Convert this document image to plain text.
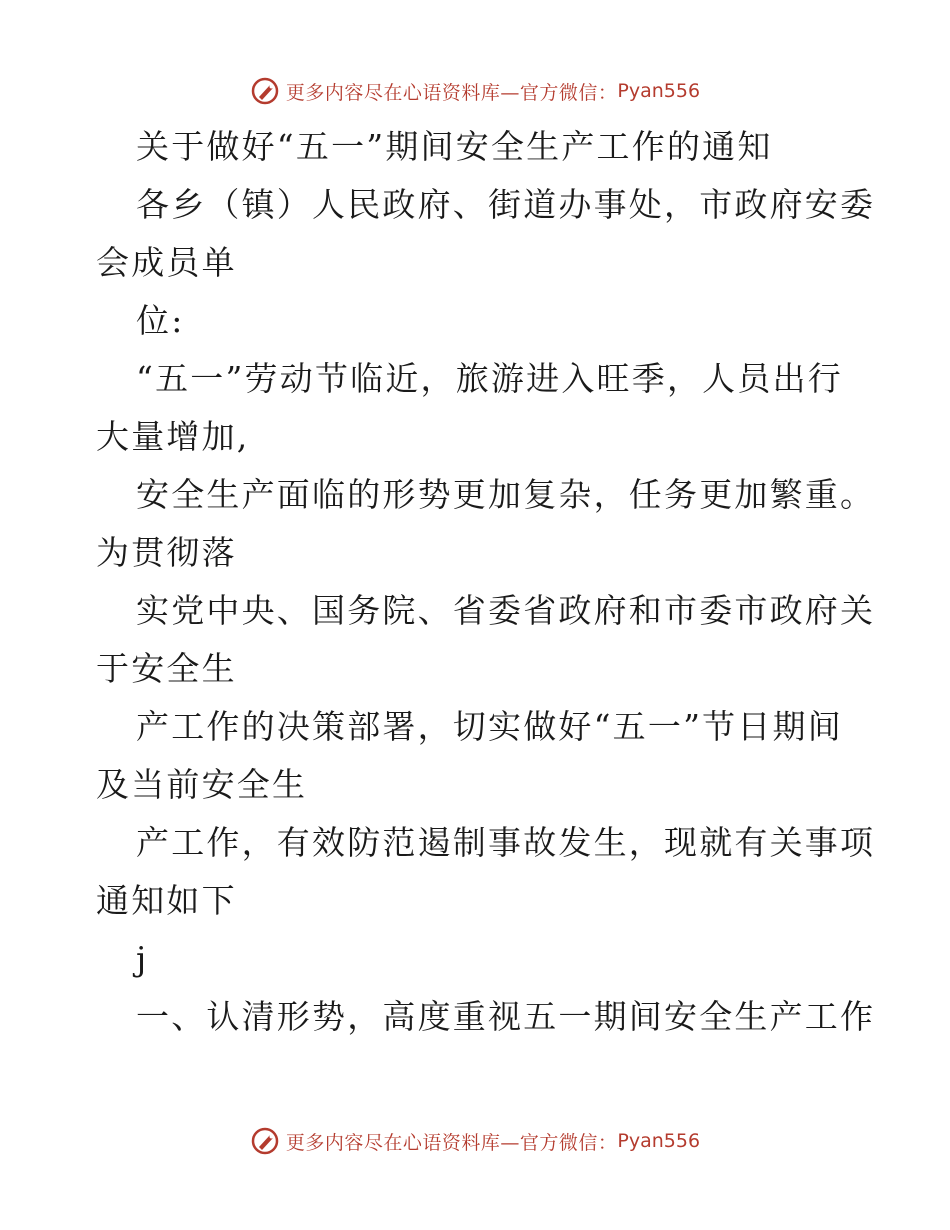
更多内容尽在心语资料库—官方微信： Pyan556
关于做好“五一”期间安全生产工作的通知
各乡（镇）人民政府、街道办事处，市政府安委
会成员单
位:
“五一”劳动节临近，旅游进入旺季，人员出行
大量增加,
安全生产面临的形势更加复杂，任务更加繁重。
为贯彻落
实党中央、国务院、省委省政府和市委市政府关
于安全生
产工作的决策部署，切实做好“五一”节日期间
及当前安全生
产工作，有效防范遏制事故发生，现就有关事项
通知如下
j
一、认清形势，高度重视五一期间安全生产工作
更多内容尽在心语资料库—官方微信： Pyan556
